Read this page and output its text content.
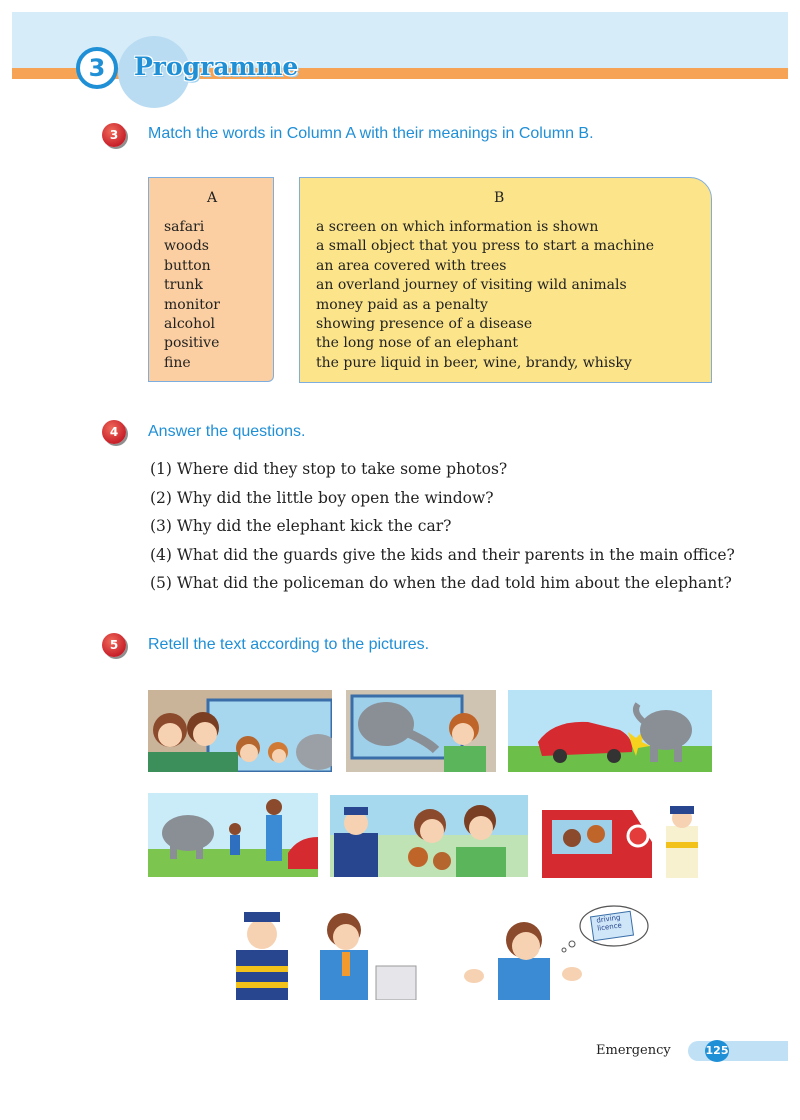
3	Programme
3	Match the words in Column A with their meanings in Column B.
A
safari
woods
button
trunk
monitor
alcohol
positive
fine
B
a screen on which information is shown
a small object that you press to start a machine
an area covered with trees
an overland journey of visiting wild animals
money paid as a penalty
showing presence of a disease
the long nose of an elephant
the pure liquid in beer, wine, brandy, whisky
4	Answer the questions.
(1) Where did they stop to take some photos?
(2) Why did the little boy open the window?
(3) Why did the elephant kick the car?
(4) What did the guards give the kids and their parents in the main office?
(5) What did the policeman do when the dad told him about the elephant?
5	Retell the text according to the pictures.
driving licence
Emergency	125
